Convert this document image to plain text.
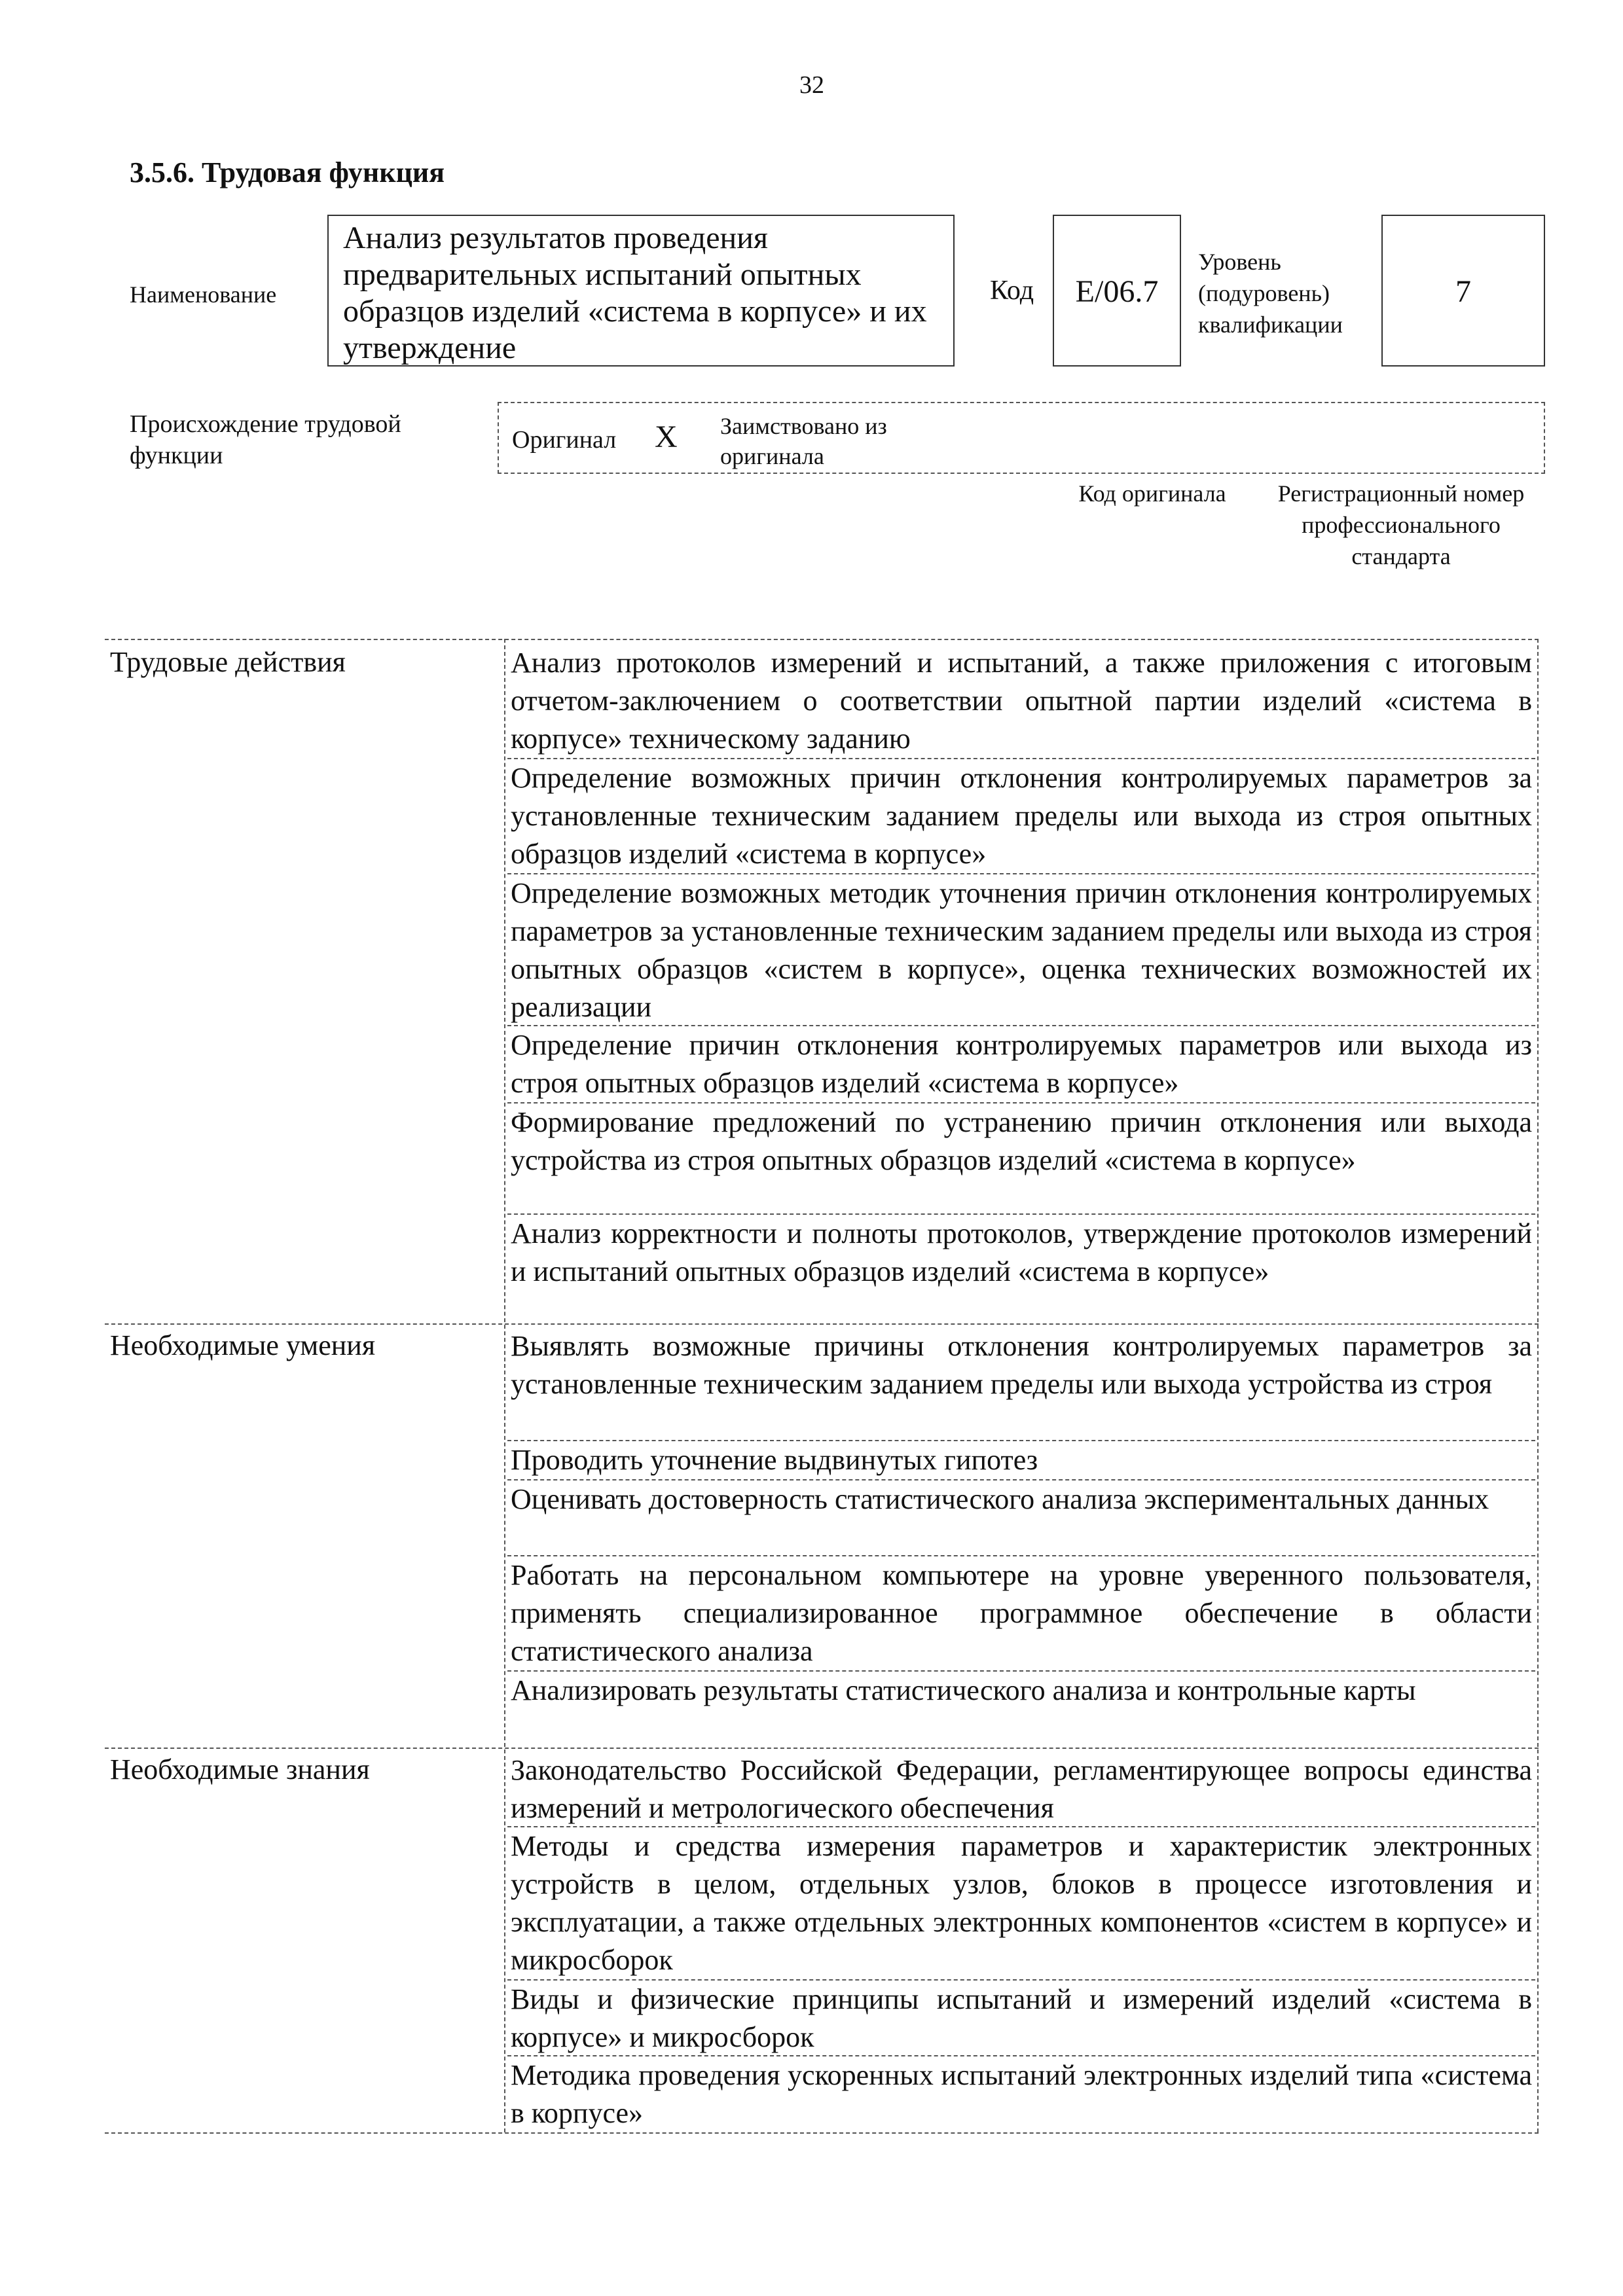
32
3.5.6. Трудовая функция
Наименование
Анализ результатов проведения предварительных испытаний опытных образцов изделий «система в корпусе» и их утверждение
Код	E/06.7
Уровень (подуровень) квалификации
7
Происхождение трудовой функции
Оригинал X Заимствовано из оригинала
Код оригинала	Регистрационный номер профессионального стандарта
Трудовые действия	Анализ протоколов измерений и испытаний, а также приложения с итоговым отчетом-заключением о соответствии опытной партии изделий «система в корпусе» техническому заданию
Определение возможных причин отклонения контролируемых параметров за установленные техническим заданием пределы или выхода из строя опытных образцов изделий «система в корпусе»
Определение возможных методик уточнения причин отклонения контролируемых параметров за установленные техническим заданием пределы или выхода из строя опытных образцов «систем в корпусе», оценка технических возможностей их реализации
Определение причин отклонения контролируемых параметров или выхода из строя опытных образцов изделий «система в корпусе»
Формирование предложений по устранению причин отклонения или выхода устройства из строя опытных образцов изделий «система в корпусе»
Анализ корректности и полноты протоколов, утверждение протоколов измерений и испытаний опытных образцов изделий «система в корпусе»
Необходимые умения	Выявлять возможные причины отклонения контролируемых параметров за установленные техническим заданием пределы или выхода устройства из строя
Проводить уточнение выдвинутых гипотез
Оценивать достоверность статистического анализа экспериментальных данных
Работать на персональном компьютере на уровне уверенного пользователя, применять специализированное программное обеспечение в области статистического анализа
Анализировать результаты статистического анализа и контрольные карты
Необходимые знания	Законодательство Российской Федерации, регламентирующее вопросы единства измерений и метрологического обеспечения
Методы и средства измерения параметров и характеристик электронных устройств в целом, отдельных узлов, блоков в процессе изготовления и эксплуатации, а также отдельных электронных компонентов «систем в корпусе» и микросборок
Виды и физические принципы испытаний и измерений изделий «система в корпусе» и микросборок
Методика проведения ускоренных испытаний электронных изделий типа «система в корпусе»
